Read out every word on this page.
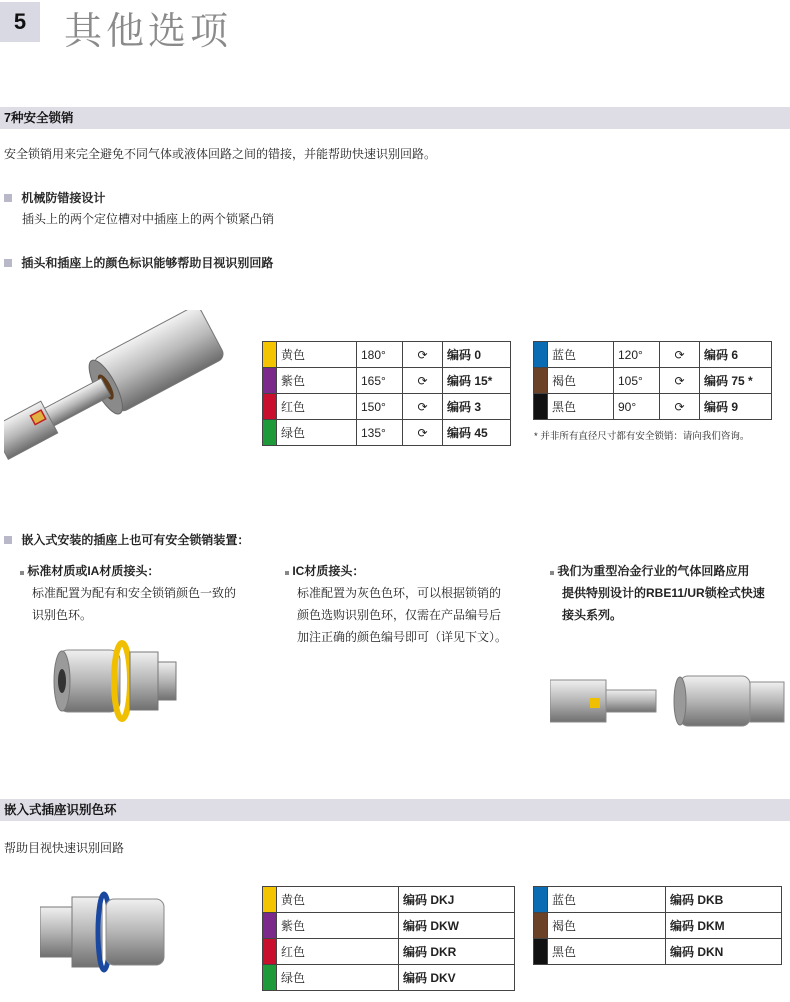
5 其他选项
7种安全锁销
安全锁销用来完全避免不同气体或液体回路之间的错接，并能帮助快速识别回路。
机械防错接设计
插头上的两个定位槽对中插座上的两个锁紧凸销
插头和插座上的颜色标识能够帮助目视识别回路
	黄色	180°	⟳	编码 0
	紫色	165°	⟳	编码 15*
	红色	150°	⟳	编码 3
	绿色	135°	⟳	编码 45
	蓝色	120°	⟳	编码 6
	褐色	105°	⟳	编码 75 *
	黑色	90°	⟳	编码 9
* 并非所有直径尺寸都有安全锁销：请向我们咨询。
嵌入式安装的插座上也可有安全锁销装置：
标准材质或IA材质接头：
标准配置为配有和安全锁销颜色一致的
识别色环。
IC材质接头：
标准配置为灰色色环，可以根据锁销的
颜色选购识别色环，仅需在产品编号后
加注正确的颜色编号即可（详见下文）。
我们为重型冶金行业的气体回路应用
提供特别设计的RBE11/UR锁栓式快速
接头系列。
嵌入式插座识别色环
帮助目视快速识别回路
	黄色	编码 DKJ
	紫色	编码 DKW
	红色	编码 DKR
	绿色	编码 DKV
	蓝色	编码 DKB
	褐色	编码 DKM
	黑色	编码 DKN
